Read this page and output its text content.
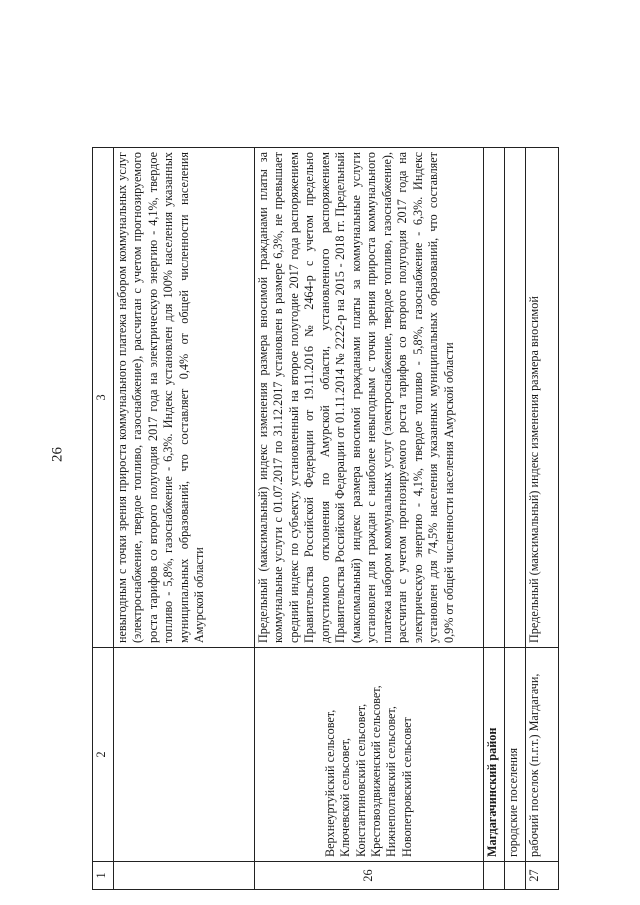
26
1	2	3
		невыгодным с точки зрения прироста коммунального платежа набором коммунальных услуг (электроснабжение, твердое топливо, газоснабжение), рассчитан с учетом прогнозируемого роста тарифов со второго полугодия 2017 года на электрическую энергию - 4,1%, твердое топливо - 5,8%, газоснабжение - 6,3%. Индекс установлен для 100% населения указанных муниципальных образований, что составляет 0,4% от общей численности населения Амурской области
26	Верхнеуртуйский сельсовет, Ключевской сельсовет, Константиновский сельсовет, Крестовоздвиженский сельсовет, Нижнеполтавский сельсовет, Новопетровский сельсовет	Предельный (максимальный) индекс изменения размера вносимой гражданами платы за коммунальные услуги с 01.07.2017 по 31.12.2017 установлен в размере 6,3%, не превышает средний индекс по субъекту, установленный на второе полугодие 2017 года распоряжением Правительства Российской Федерации от 19.11.2016 № 2464-р с учетом предельно допустимого отклонения по Амурской области, установленного распоряжением Правительства Российской Федерации от 01.11.2014 № 2222-р на 2015 - 2018 гг. Предельный (максимальный) индекс размера вносимой гражданами платы за коммунальные услуги установлен для граждан с наиболее невыгодным с точки зрения прироста коммунального платежа набором коммунальных услуг (электроснабжение, твердое топливо, газоснабжение), рассчитан с учетом прогнозируемого роста тарифов со второго полугодия 2017 года на электрическую энергию - 4,1%, твердое топливо - 5,8%, газоснабжение - 6,3%. Индекс установлен для 74,5% населения указанных муниципальных образований, что составляет 0,9% от общей численности населения Амурской области
	Магдагачинский район	
	городские поселения	
27	рабочий поселок (п.г.т.) Магдагачи,	Предельный (максимальный) индекс изменения размера вносимой
